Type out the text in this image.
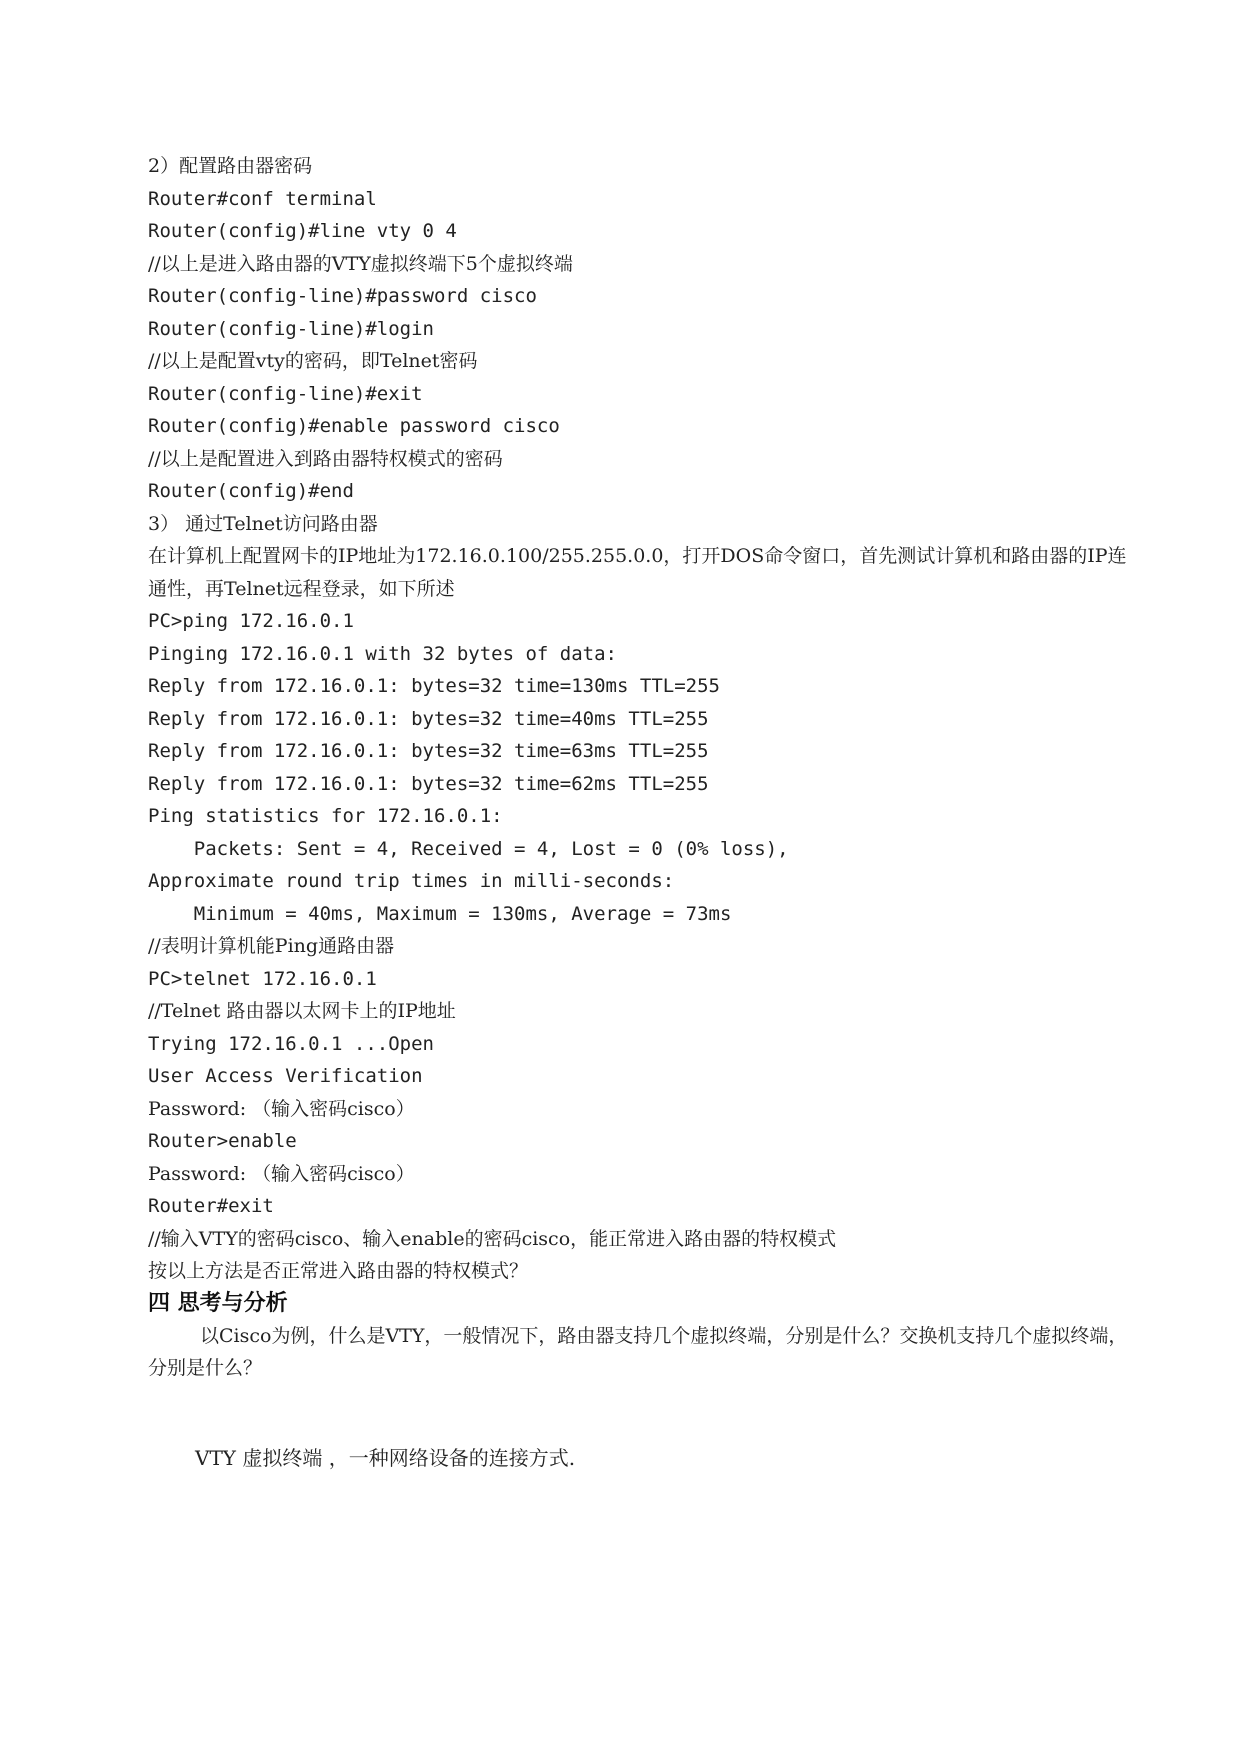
2）配置路由器密码
Router#conf terminal
Router(config)#line vty 0 4
//以上是进入路由器的VTY虚拟终端下5个虚拟终端
Router(config-line)#password cisco
Router(config-line)#login
//以上是配置vty的密码，即Telnet密码
Router(config-line)#exit
Router(config)#enable password cisco
//以上是配置进入到路由器特权模式的密码
Router(config)#end
3） 通过Telnet访问路由器
在计算机上配置网卡的IP地址为172.16.0.100/255.255.0.0，打开DOS命令窗口，首先测试计算机和路由器的IP连通性，再Telnet远程登录，如下所述
PC>ping 172.16.0.1
Pinging 172.16.0.1 with 32 bytes of data:
Reply from 172.16.0.1: bytes=32 time=130ms TTL=255
Reply from 172.16.0.1: bytes=32 time=40ms TTL=255
Reply from 172.16.0.1: bytes=32 time=63ms TTL=255
Reply from 172.16.0.1: bytes=32 time=62ms TTL=255
Ping statistics for 172.16.0.1:
Packets: Sent = 4, Received = 4, Lost = 0 (0% loss),
Approximate round trip times in milli-seconds:
Minimum = 40ms, Maximum = 130ms, Average = 73ms
//表明计算机能Ping通路由器
PC>telnet 172.16.0.1
//Telnet 路由器以太网卡上的IP地址
Trying 172.16.0.1 ...Open
User Access Verification
Password: （输入密码cisco）
Router>enable
Password: （输入密码cisco）
Router#exit
//输入VTY的密码cisco、输入enable的密码cisco，能正常进入路由器的特权模式
按以上方法是否正常进入路由器的特权模式？
四 思考与分析
以Cisco为例，什么是VTY，一般情况下，路由器支持几个虚拟终端，分别是什么？交换机支持几个虚拟终端，分别是什么？
VTY 虚拟终端 ，一种网络设备的连接方式.
